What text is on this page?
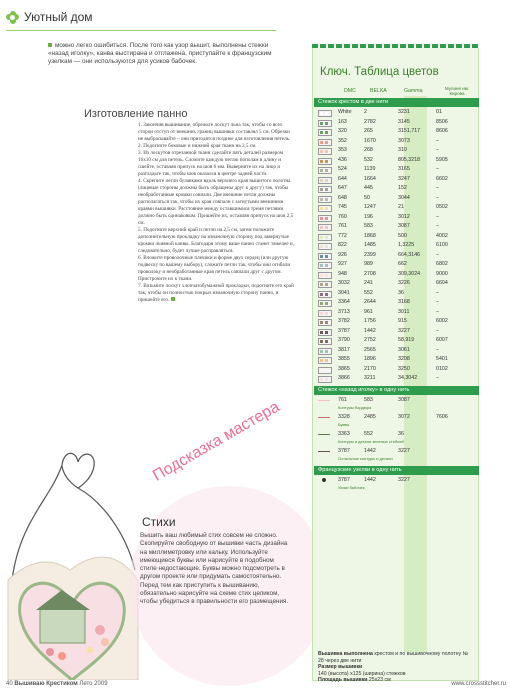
Уютный дом
можно легко ошибиться. После того как узор вышит, выполнены стежки «назад иголку», канва выстирана и отглажена, приступайте к французским узелкам — они используются для усиков бабочек.
Изготовление панно

1. Закончив вышивание, обрежьте лоскут льна так, чтобы со всех сторон отступ от внешних границ вышивки составлял 5 см. Обрезки не выбрасывайте – они пригодятся позднее для изготовления петель.

2. Подогните боковые и нижний края ткани на 2,5 см.

3. Из лоскутов отрезанной ткани сделайте пять деталей размером 16х10 см для петель. Сложите каждую петлю пополам в длину и сшейте, оставляя припуск на шов 6 мм. Выверните их на лицо и разгладьте так, чтобы шов оказался в центре задней части.

4. Скрепите петли булавками вдоль верхнего края вышитого полотна (лицевые стороны должны быть обращены друг к другу) так, чтобы необработанные кромки совпали. Две внешние петли должны располагаться так, чтобы их края совпали с загнутыми внешними краями вышивки. Расстояние между оставшимися тремя петлями должно быть одинаковым. Пришейте их, оставляя припуск на шов 2,5 см.

5. Подогните верхний край и петли на 2,5 см, затем положите дополнительную прокладку на изнаночную сторону под завернутые кромки льняной канвы. Благодаря этому ваше панно станет тяжелее и, следовательно, будет лучше расправляться.

6. Вложите проволочные плечики и форме двух сердец (или другую подвеску по вашему выбору), сложите петли так, чтобы они огибали проволоку и необработанные края петель совпали друг с другом. Пристрочите их к ткани.

7. Возьмите лоскут хлопчатобумажной прокладки, подогните его край так, чтобы он полностью покрыл изнаночную сторону панно, и пришейте его.

Подсказка мастера
Стихи
Вышить ваш любимый стих совсем не сложно. Скопируйте свободную от вышивки часть дизайна на миллиметровку или кальку. Используйте имеющиеся буквы или нарисуйте в подобном стиле недостающие. Буквы можно подсмотреть в другом проекте или придумать самостоятельно. Перед тем как приступить к вышиванию, обязательно нарисуйте на схеме стих целиком, чтобы убедиться в правильности его размещения.
Ключ. Таблица цветов
DMC	BELKA	Gamma	Мулине им. Кирова
Стежок крестом в две нити
White 2	3231	01
163	2782	3145	8506
320	265	3151,717	8606
352	1670	3073	–
353	268	310	–
436	532	805,3218	5905
524	1139	3165	–
644	1664	3247	6602
647	445	152	–
648	50	3044	–
745	1247	21	0502
760	196	3012	–
761	583	3087	–
772	1868	500	4002
822	1485	1,3225	6100
926	2399	664,3146	–
927	989	662	6802
948	2708	309,3024	9000
3032	241	3226	6604
3041	552	36	–
3364	2644	3168	–
3713	961	3011	–
3782	1756	915	6002
3787	1442	3227	–
3790	2752	58,919	6007
3817	2565	3061	–
3855	1896	3208	5401
3865	2170	3250	0102
3866	3211	34,3042	–
Стежок «назад иголку» в одну нить
761	583	3087
Контуры бордюра
3328	2485	3072	7606
Буквы
3363	552	36
Контуры и детали зеленых стеблей
3787	1442	3227
Остальные контуры и детали
Французские узелки в одну нить
3787	1442	3227
Усики бабочек
Вышивка выполнена крестом и по вышивочному полотну № 28 через две нити
Размер вышивки
140 (высота) х125 (ширина) стежков
Площадь вышивки 25х23 см
40 Вышиваю Крестиком Лето 2009	www.crossstitcher.ru
